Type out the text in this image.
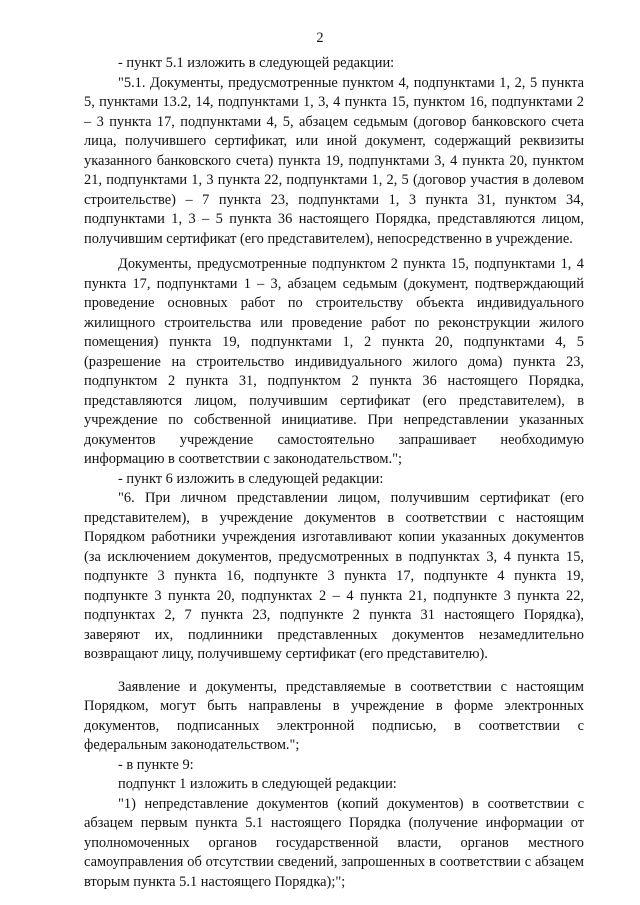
2

- пункт 5.1 изложить в следующей редакции:

"5.1. Документы, предусмотренные пунктом 4, подпунктами 1, 2, 5 пункта 5, пунктами 13.2, 14, подпунктами 1, 3, 4 пункта 15, пунктом 16, подпунктами 2 – 3 пункта 17, подпунктами 4, 5, абзацем седьмым (договор банковского счета лица, получившего сертификат, или иной документ, содержащий реквизиты указанного банковского счета) пункта 19, подпунктами 3, 4 пункта 20, пунктом 21, подпунктами 1, 3 пункта 22, подпунктами 1, 2, 5 (договор участия в долевом строительстве) – 7 пункта 23, подпунктами 1, 3 пункта 31, пунктом 34, подпунктами 1, 3 – 5 пункта 36 настоящего Порядка, представляются лицом, получившим сертификат (его представителем), непосредственно в учреждение.

Документы, предусмотренные подпунктом 2 пункта 15, подпунктами 1, 4 пункта 17, подпунктами 1 – 3, абзацем седьмым (документ, подтверждающий проведение основных работ по строительству объекта индивидуального жилищного строительства или проведение работ по реконструкции жилого помещения) пункта 19, подпунктами 1, 2 пункта 20, подпунктами 4, 5 (разрешение на строительство индивидуального жилого дома) пункта 23, подпунктом 2 пункта 31, подпунктом 2 пункта 36 настоящего Порядка, представляются лицом, получившим сертификат (его представителем), в учреждение по собственной инициативе. При непредставлении указанных документов учреждение самостоятельно запрашивает необходимую информацию в соответствии с законодательством.";

- пункт 6 изложить в следующей редакции:

"6. При личном представлении лицом, получившим сертификат (его представителем), в учреждение документов в соответствии с настоящим Порядком работники учреждения изготавливают копии указанных документов (за исключением документов, предусмотренных в подпунктах 3, 4 пункта 15, подпункте 3 пункта 16, подпункте 3 пункта 17, подпункте 4 пункта 19, подпункте 3 пункта 20, подпунктах 2 – 4 пункта 21, подпункте 3 пункта 22, подпунктах 2, 7 пункта 23, подпункте 2 пункта 31 настоящего Порядка), заверяют их, подлинники представленных документов незамедлительно возвращают лицу, получившему сертификат (его представителю).

Заявление и документы, представляемые в соответствии с настоящим Порядком, могут быть направлены в учреждение в форме электронных документов, подписанных электронной подписью, в соответствии с федеральным законодательством.";

- в пункте 9:

подпункт 1 изложить в следующей редакции:

"1) непредставление документов (копий документов) в соответствии с абзацем первым пункта 5.1 настоящего Порядка (получение информации от уполномоченных органов государственной власти, органов местного самоуправления об отсутствии сведений, запрошенных в соответствии с абзацем вторым пункта 5.1 настоящего Порядка);";
